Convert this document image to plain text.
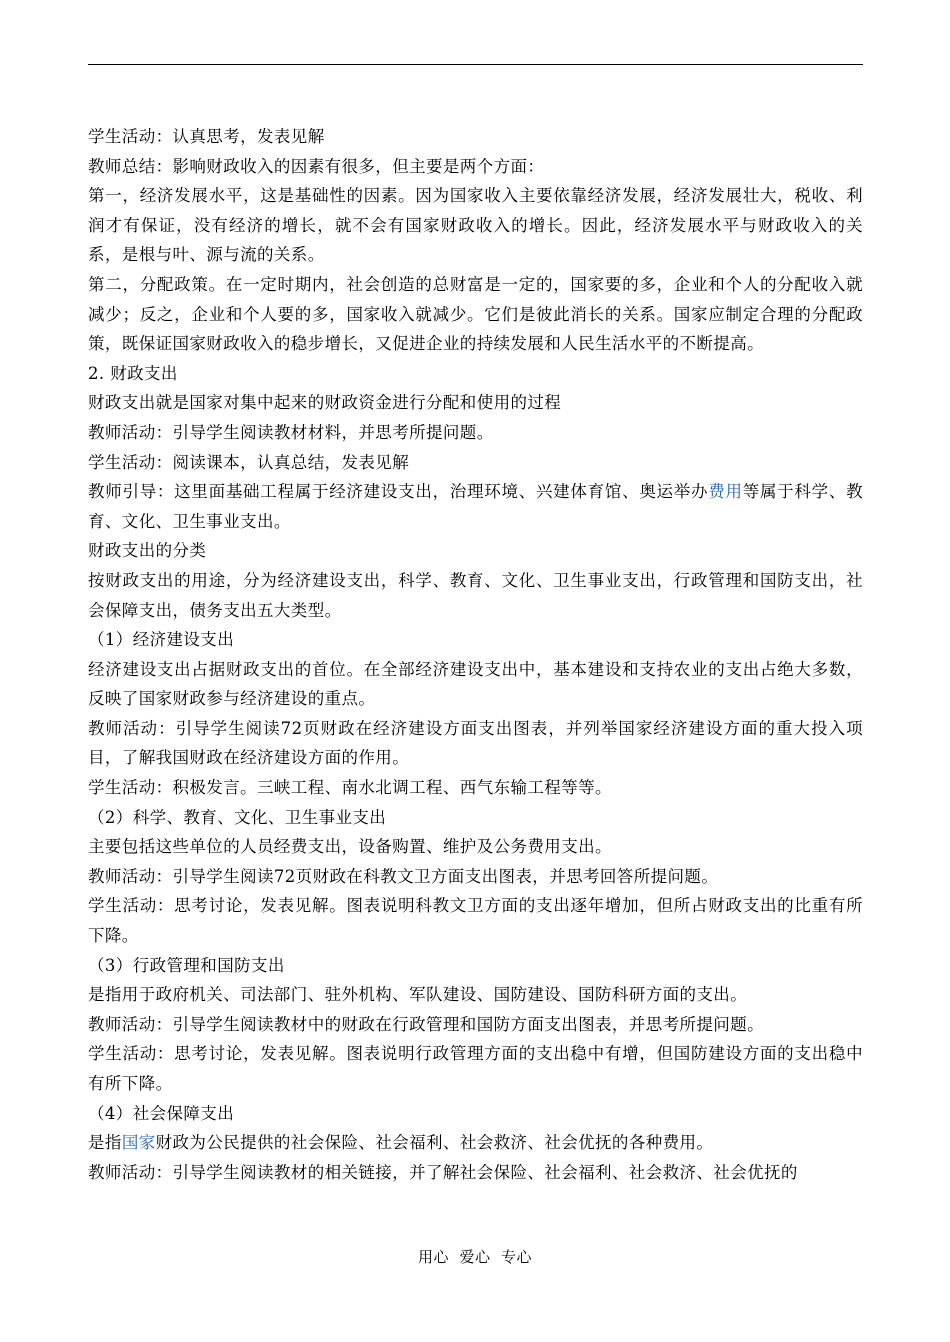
学生活动：认真思考，发表见解

教师总结：影响财政收入的因素有很多，但主要是两个方面：

第一，经济发展水平，这是基础性的因素。因为国家收入主要依靠经济发展，经济发展壮大，税收、利润才有保证，没有经济的增长，就不会有国家财政收入的增长。因此，经济发展水平与财政收入的关系，是根与叶、源与流的关系。

第二，分配政策。在一定时期内，社会创造的总财富是一定的，国家要的多，企业和个人的分配收入就减少；反之，企业和个人要的多，国家收入就减少。它们是彼此消长的关系。国家应制定合理的分配政策，既保证国家财政收入的稳步增长，又促进企业的持续发展和人民生活水平的不断提高。

2. 财政支出

财政支出就是国家对集中起来的财政资金进行分配和使用的过程

教师活动：引导学生阅读教材材料，并思考所提问题。

学生活动：阅读课本，认真总结，发表见解

教师引导：这里面基础工程属于经济建设支出，治理环境、兴建体育馆、奥运举办费用等属于科学、教育、文化、卫生事业支出。

财政支出的分类

按财政支出的用途，分为经济建设支出，科学、教育、文化、卫生事业支出，行政管理和国防支出，社会保障支出，债务支出五大类型。

（1）经济建设支出

经济建设支出占据财政支出的首位。在全部经济建设支出中，基本建设和支持农业的支出占绝大多数，反映了国家财政参与经济建设的重点。

教师活动：引导学生阅读72页财政在经济建设方面支出图表，并列举国家经济建设方面的重大投入项目，了解我国财政在经济建设方面的作用。

学生活动：积极发言。三峡工程、南水北调工程、西气东输工程等等。

（2）科学、教育、文化、卫生事业支出

主要包括这些单位的人员经费支出，设备购置、维护及公务费用支出。

教师活动：引导学生阅读72页财政在科教文卫方面支出图表，并思考回答所提问题。

学生活动：思考讨论，发表见解。图表说明科教文卫方面的支出逐年增加，但所占财政支出的比重有所下降。

（3）行政管理和国防支出

是指用于政府机关、司法部门、驻外机构、军队建设、国防建设、国防科研方面的支出。

教师活动：引导学生阅读教材中的财政在行政管理和国防方面支出图表，并思考所提问题。

学生活动：思考讨论，发表见解。图表说明行政管理方面的支出稳中有增，但国防建设方面的支出稳中有所下降。

（4）社会保障支出

是指国家财政为公民提供的社会保险、社会福利、社会救济、社会优抚的各种费用。

教师活动：引导学生阅读教材的相关链接，并了解社会保险、社会福利、社会救济、社会优抚的

用心  爱心  专心
